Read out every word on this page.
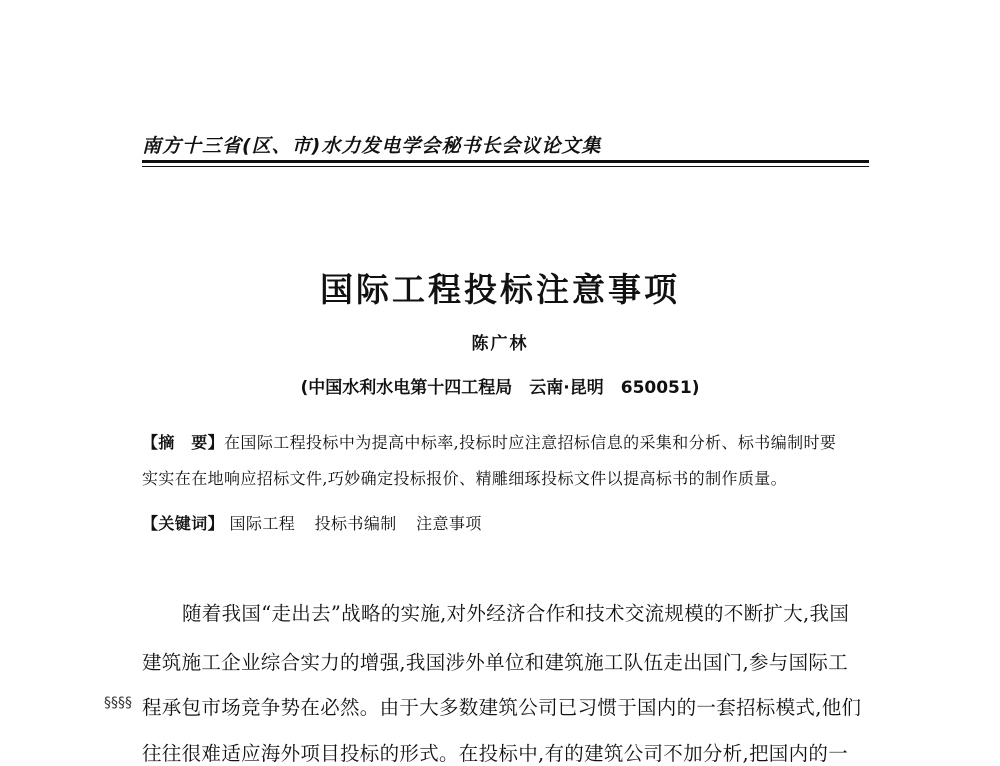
南方十三省(区、市)水力发电学会秘书长会议论文集
国际工程投标注意事项
陈广林
(中国水利水电第十四工程局　云南·昆明　650051)
【摘　要】在国际工程投标中为提高中标率,投标时应注意招标信息的采集和分析、标书编制时要
实实在在地响应招标文件,巧妙确定投标报价、精雕细琢投标文件以提高标书的制作质量。
【关键词】 国际工程 投标书编制 注意事项
随着我国“走出去”战略的实施,对外经济合作和技术交流规模的不断扩大,我国
建筑施工企业综合实力的增强,我国涉外单位和建筑施工队伍走出国门,参与国际工
程承包市场竞争势在必然。由于大多数建筑公司已习惯于国内的一套招标模式,他们
往往很难适应海外项目投标的形式。在投标中,有的建筑公司不加分析,把国内的一
§§§§
